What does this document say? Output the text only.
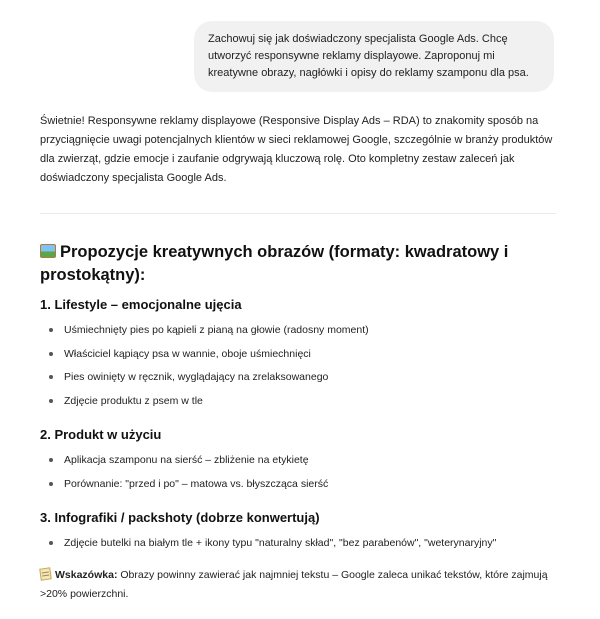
Zachowuj się jak doświadczony specjalista Google Ads. Chcę utworzyć responsywne reklamy displayowe. Zaproponuj mi kreatywne obrazy, nagłówki i opisy do reklamy szamponu dla psa.
Świetnie! Responsywne reklamy displayowe (Responsive Display Ads – RDA) to znakomity sposób na przyciągnięcie uwagi potencjalnych klientów w sieci reklamowej Google, szczególnie w branży produktów dla zwierząt, gdzie emocje i zaufanie odgrywają kluczową rolę. Oto kompletny zestaw zaleceń jak doświadczony specjalista Google Ads.
Propozycje kreatywnych obrazów (formaty: kwadratowy i prostokątny):
1. Lifestyle – emocjonalne ujęcia
Uśmiechnięty pies po kąpieli z pianą na głowie (radosny moment)
Właściciel kąpiący psa w wannie, oboje uśmiechnięci
Pies owinięty w ręcznik, wyglądający na zrelaksowanego
Zdjęcie produktu z psem w tle
2. Produkt w użyciu
Aplikacja szamponu na sierść – zbliżenie na etykietę
Porównanie: "przed i po" – matowa vs. błyszcząca sierść
3. Infografiki / packshoty (dobrze konwertują)
Zdjęcie butelki na białym tle + ikony typu "naturalny skład", "bez parabenów", "weterynaryjny"
Wskazówka: Obrazy powinny zawierać jak najmniej tekstu – Google zaleca unikać tekstów, które zajmują >20% powierzchni.
